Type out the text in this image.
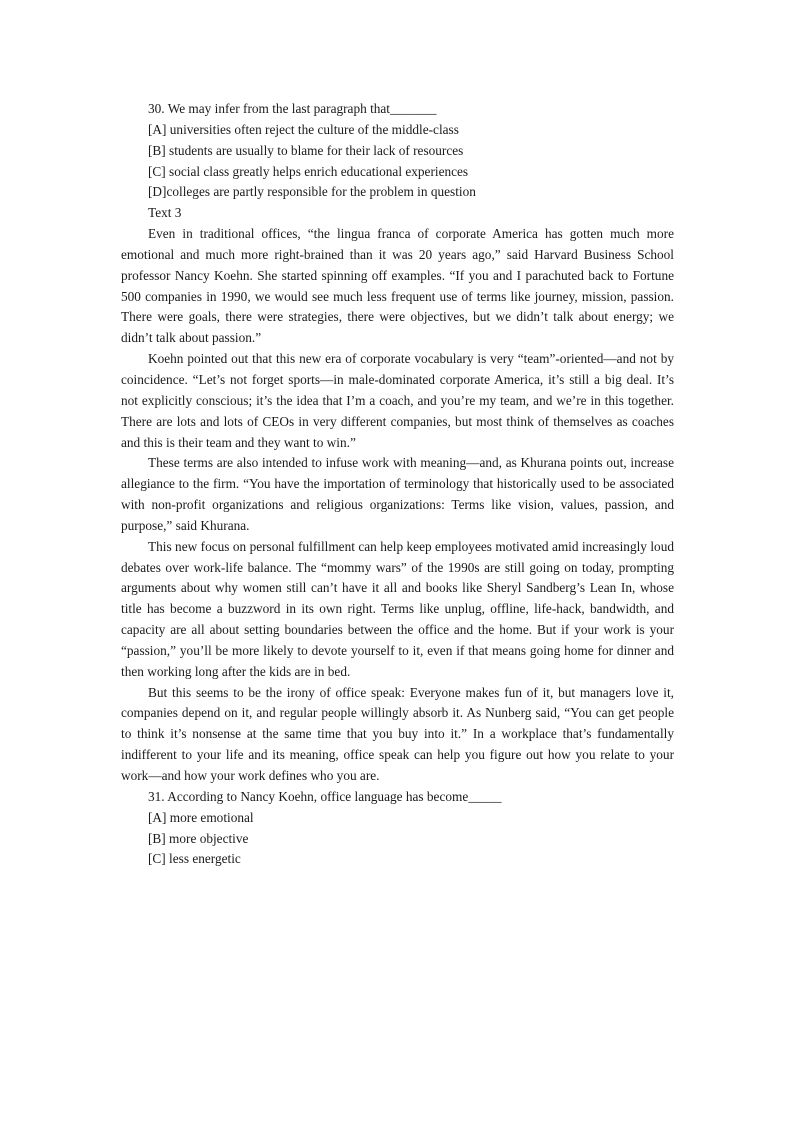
30. We may infer from the last paragraph that_______
[A] universities often reject the culture of the middle-class
[B] students are usually to blame for their lack of resources
[C] social class greatly helps enrich educational experiences
[D]colleges are partly responsible for the problem in question
Text 3

Even in traditional offices, “the lingua franca of corporate America has gotten much more emotional and much more right-brained than it was 20 years ago,” said Harvard Business School professor Nancy Koehn. She started spinning off examples. “If you and I parachuted back to Fortune 500 companies in 1990, we would see much less frequent use of terms like journey, mission, passion. There were goals, there were strategies, there were objectives, but we didn’t talk about energy; we didn’t talk about passion.”

Koehn pointed out that this new era of corporate vocabulary is very “team”-oriented—and not by coincidence. “Let’s not forget sports—in male-dominated corporate America, it’s still a big deal. It’s not explicitly conscious; it’s the idea that I’m a coach, and you’re my team, and we’re in this together. There are lots and lots of CEOs in very different companies, but most think of themselves as coaches and this is their team and they want to win.”

These terms are also intended to infuse work with meaning—and, as Khurana points out, increase allegiance to the firm. “You have the importation of terminology that historically used to be associated with non-profit organizations and religious organizations: Terms like vision, values, passion, and purpose,” said Khurana.

This new focus on personal fulfillment can help keep employees motivated amid increasingly loud debates over work-life balance. The “mommy wars” of the 1990s are still going on today, prompting arguments about why women still can’t have it all and books like Sheryl Sandberg’s Lean In, whose title has become a buzzword in its own right. Terms like unplug, offline, life-hack, bandwidth, and capacity are all about setting boundaries between the office and the home. But if your work is your “passion,” you’ll be more likely to devote yourself to it, even if that means going home for dinner and then working long after the kids are in bed.

But this seems to be the irony of office speak: Everyone makes fun of it, but managers love it, companies depend on it, and regular people willingly absorb it. As Nunberg said, “You can get people to think it’s nonsense at the same time that you buy into it.” In a workplace that’s fundamentally indifferent to your life and its meaning, office speak can help you figure out how you relate to your work—and how your work defines who you are.

31. According to Nancy Koehn, office language has become_____
[A] more emotional
[B] more objective
[C] less energetic
